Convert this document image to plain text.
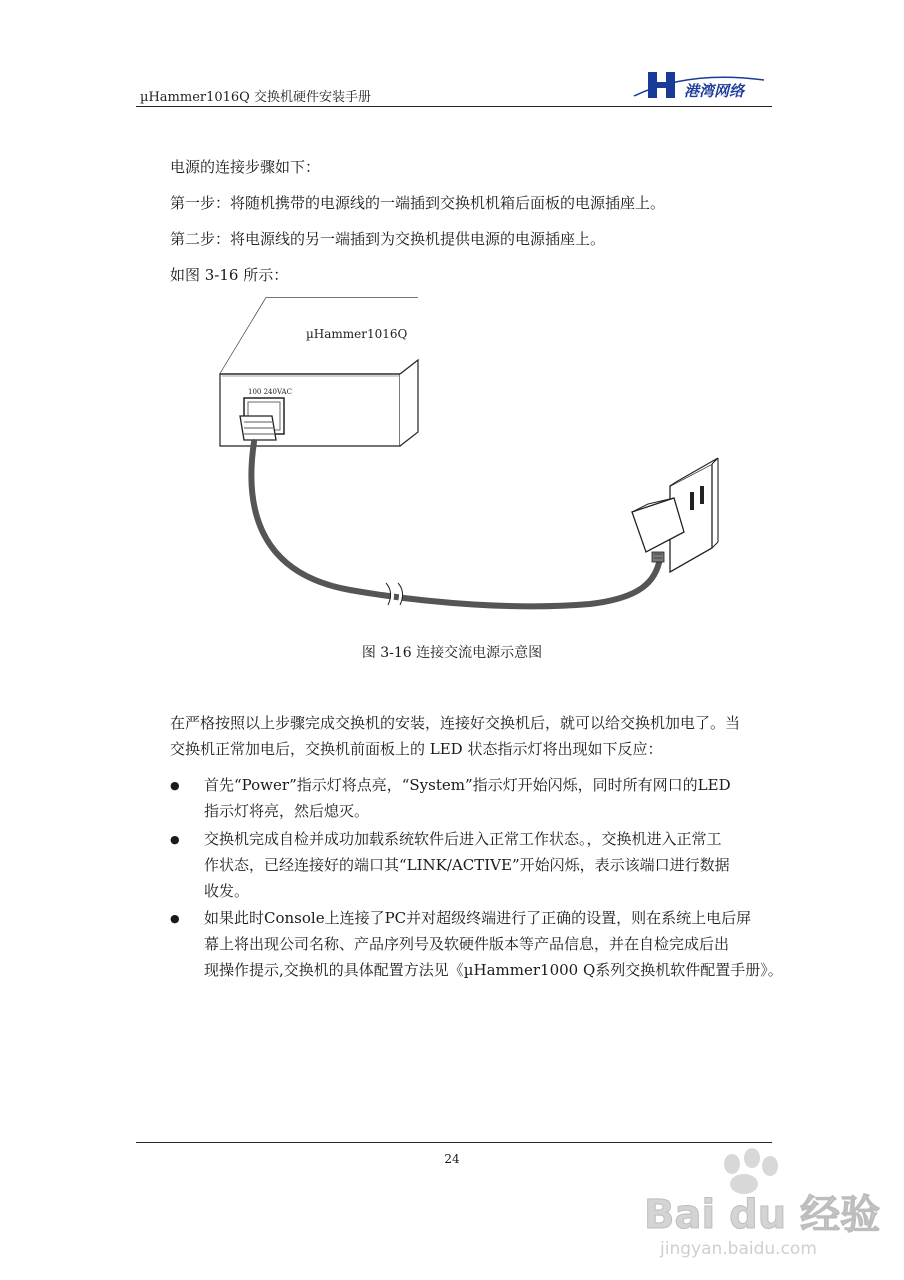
µHammer1016Q 交换机硬件安装手册	港湾网络
电源的连接步骤如下：
第一步：将随机携带的电源线的一端插到交换机机箱后面板的电源插座上。
第二步：将电源线的另一端插到为交换机提供电源的电源插座上。
如图 3-16 所示：
µHammer1016Q
100 240VAC
图 3-16 连接交流电源示意图
在严格按照以上步骤完成交换机的安装，连接好交换机后，就可以给交换机加电了。当
交换机正常加电后，交换机前面板上的 LED 状态指示灯将出现如下反应：
● 首先“Power”指示灯将点亮，“System”指示灯开始闪烁，同时所有网口的LED
指示灯将亮，然后熄灭。
● 交换机完成自检并成功加载系统软件后进入正常工作状态。，交换机进入正常工
作状态，已经连接好的端口其“LINK/ACTIVE”开始闪烁，表示该端口进行数据
收发。
● 如果此时Console上连接了PC并对超级终端进行了正确的设置，则在系统上电后屏
幕上将出现公司名称、产品序列号及软硬件版本等产品信息，并在自检完成后出
现操作提示,交换机的具体配置方法见《µHammer1000 Q系列交换机软件配置手册》。
24
Bai du 经验
jingyan.baidu.com
